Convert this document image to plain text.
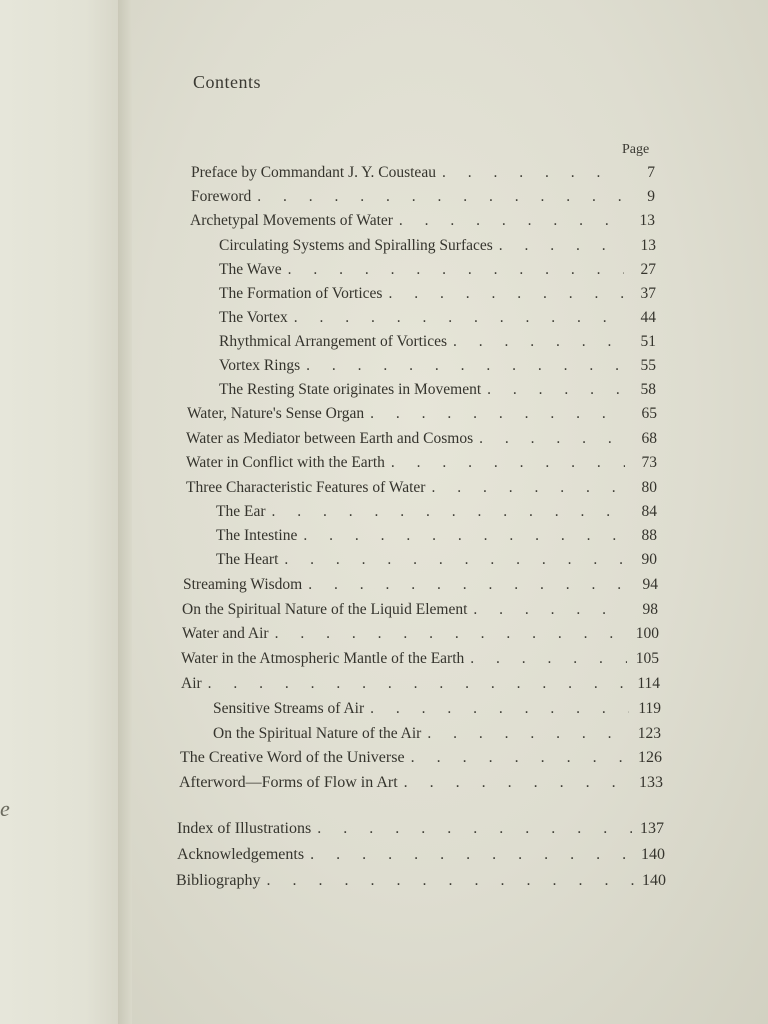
e
Contents
Page
Preface by Commandant J. Y. Cousteau . . .	7
Foreword . . .	9
Archetypal Movements of Water . . .	13
Circulating Systems and Spiralling Surfaces . . .	13
The Wave . . .	27
The Formation of Vortices . . .	37
The Vortex . . .	44
Rhythmical Arrangement of Vortices . . .	51
Vortex Rings . . .	55
The Resting State originates in Movement . . .	58
Water, Nature's Sense Organ . . .	65
Water as Mediator between Earth and Cosmos . . .	68
Water in Conflict with the Earth . . .	73
Three Characteristic Features of Water . . .	80
The Ear . . .	84
The Intestine . . .	88
The Heart . . .	90
Streaming Wisdom . . .	94
On the Spiritual Nature of the Liquid Element . . .	98
Water and Air . . .	100
Water in the Atmospheric Mantle of the Earth . . .	105
Air . . .	114
Sensitive Streams of Air . . .	119
On the Spiritual Nature of the Air . . .	123
The Creative Word of the Universe . . .	126
Afterword—Forms of Flow in Art . . .	133
Index of Illustrations . . .	137
Acknowledgements . . .	140
Bibliography . . .	140
